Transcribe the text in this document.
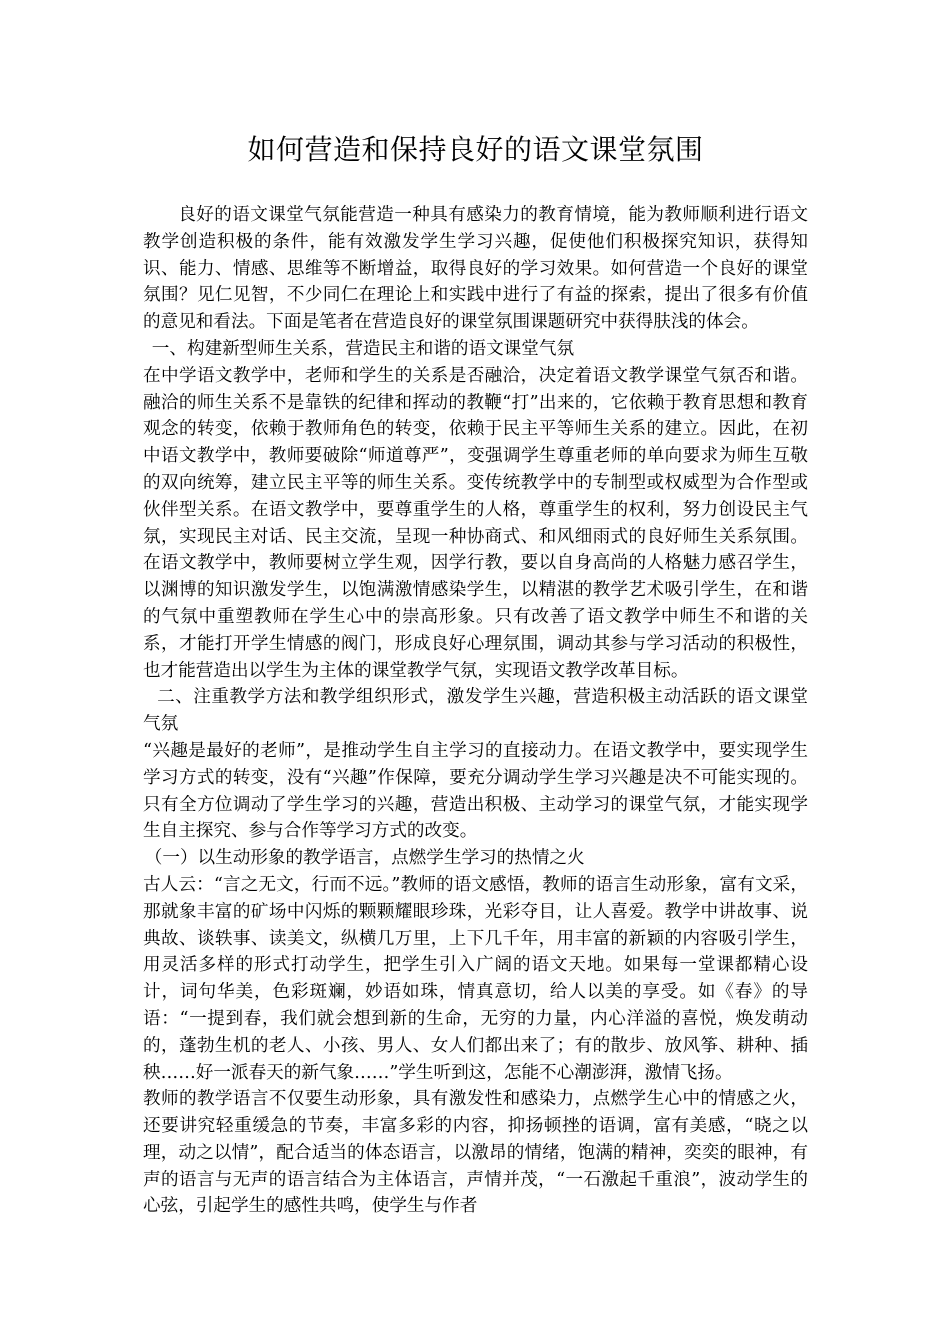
如何营造和保持良好的语文课堂氛围

良好的语文课堂气氛能营造一种具有感染力的教育情境，能为教师顺利进行语文教学创造积极的条件，能有效激发学生学习兴趣，促使他们积极探究知识，获得知识、能力、情感、思维等不断增益，取得良好的学习效果。如何营造一个良好的课堂氛围？见仁见智，不少同仁在理论上和实践中进行了有益的探索，提出了很多有价值的意见和看法。下面是笔者在营造良好的课堂氛围课题研究中获得肤浅的体会。

一、构建新型师生关系，营造民主和谐的语文课堂气氛

在中学语文教学中，老师和学生的关系是否融洽，决定着语文教学课堂气氛否和谐。融洽的师生关系不是靠铁的纪律和挥动的教鞭“打”出来的，它依赖于教育思想和教育观念的转变，依赖于教师角色的转变，依赖于民主平等师生关系的建立。因此，在初中语文教学中，教师要破除“师道尊严”，变强调学生尊重老师的单向要求为师生互敬的双向统筹，建立民主平等的师生关系。变传统教学中的专制型或权威型为合作型或伙伴型关系。在语文教学中，要尊重学生的人格，尊重学生的权利，努力创设民主气氛，实现民主对话、民主交流，呈现一种协商式、和风细雨式的良好师生关系氛围。在语文教学中，教师要树立学生观，因学行教，要以自身高尚的人格魅力感召学生，以渊博的知识激发学生，以饱满激情感染学生，以精湛的教学艺术吸引学生，在和谐的气氛中重塑教师在学生心中的崇高形象。只有改善了语文教学中师生不和谐的关系，才能打开学生情感的阀门，形成良好心理氛围，调动其参与学习活动的积极性，也才能营造出以学生为主体的课堂教学气氛，实现语文教学改革目标。

二、注重教学方法和教学组织形式，激发学生兴趣，营造积极主动活跃的语文课堂气氛

“兴趣是最好的老师”，是推动学生自主学习的直接动力。在语文教学中，要实现学生学习方式的转变，没有“兴趣”作保障，要充分调动学生学习兴趣是决不可能实现的。只有全方位调动了学生学习的兴趣，营造出积极、主动学习的课堂气氛，才能实现学生自主探究、参与合作等学习方式的改变。

（一）以生动形象的教学语言，点燃学生学习的热情之火

古人云：“言之无文，行而不远。”教师的语文感悟，教师的语言生动形象，富有文采，那就象丰富的矿场中闪烁的颗颗耀眼珍珠，光彩夺目，让人喜爱。教学中讲故事、说典故、谈轶事、读美文，纵横几万里，上下几千年，用丰富的新颖的内容吸引学生，用灵活多样的形式打动学生，把学生引入广阔的语文天地。如果每一堂课都精心设计，词句华美，色彩斑斓，妙语如珠，情真意切，给人以美的享受。如《春》的导语：“一提到春，我们就会想到新的生命，无穷的力量，内心洋溢的喜悦，焕发萌动的，蓬勃生机的老人、小孩、男人、女人们都出来了；有的散步、放风筝、耕种、插秧……好一派春天的新气象……”学生听到这，怎能不心潮澎湃，激情飞扬。

教师的教学语言不仅要生动形象，具有激发性和感染力，点燃学生心中的情感之火，还要讲究轻重缓急的节奏，丰富多彩的内容，抑扬顿挫的语调，富有美感，“晓之以理，动之以情”，配合适当的体态语言，以激昂的情绪，饱满的精神，奕奕的眼神，有声的语言与无声的语言结合为主体语言，声情并茂，“一石激起千重浪”，波动学生的心弦，引起学生的感性共鸣，使学生与作者
